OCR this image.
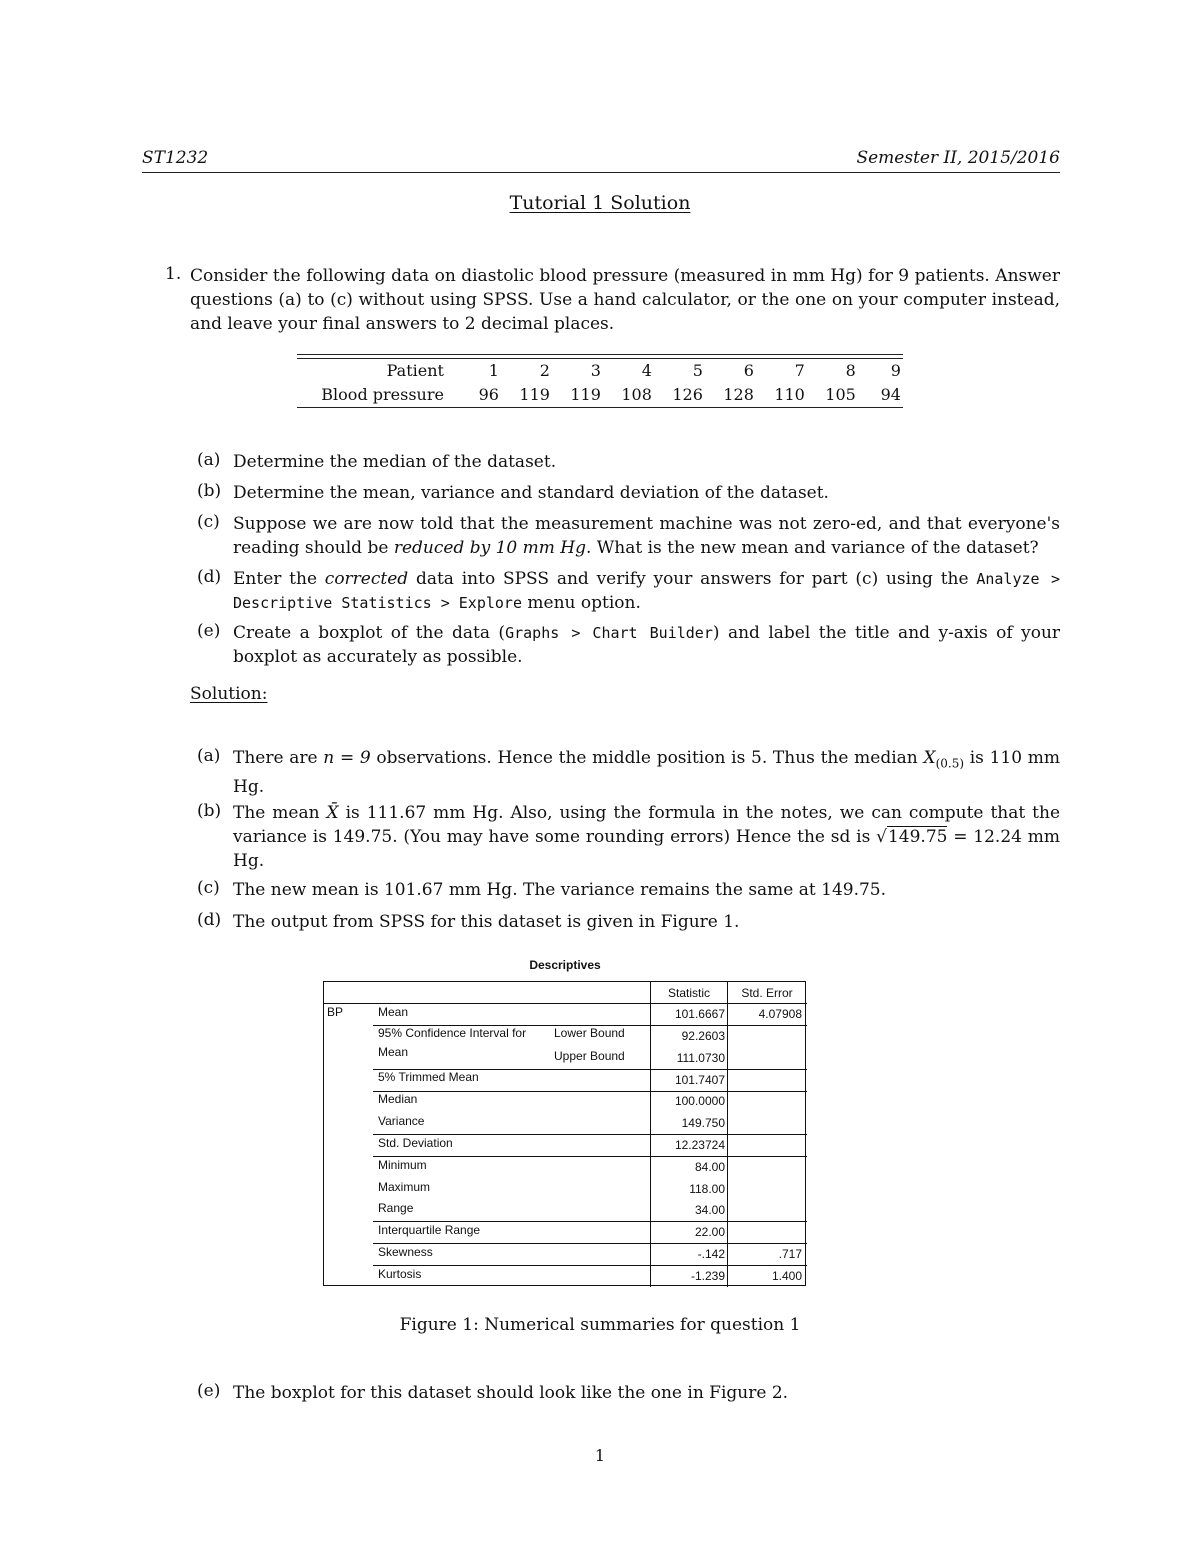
ST1232	Semester II, 2015/2016
Tutorial 1 Solution
1. Consider the following data on diastolic blood pressure (measured in mm Hg) for 9 patients. Answer questions (a) to (c) without using SPSS. Use a hand calculator, or the one on your computer instead, and leave your final answers to 2 decimal places.
Patient	1	2	3	4	5	6	7	8	9
Blood pressure	96	119	119	108	126	128	110	105	94
(a) Determine the median of the dataset.
(b) Determine the mean, variance and standard deviation of the dataset.
(c) Suppose we are now told that the measurement machine was not zero-ed, and that everyone's reading should be reduced by 10 mm Hg. What is the new mean and variance of the dataset?
(d) Enter the corrected data into SPSS and verify your answers for part (c) using the Analyze > Descriptive Statistics > Explore menu option.
(e) Create a boxplot of the data (Graphs > Chart Builder) and label the title and y-axis of your boxplot as accurately as possible.
Solution:
(a) There are n = 9 observations. Hence the middle position is 5. Thus the median $X_{(0.5)}$ is 110 mm Hg.
(b) The mean X̄ is 111.67 mm Hg. Also, using the formula in the notes, we can compute that the variance is 149.75. (You may have some rounding errors) Hence the sd is √149.75 = 12.24 mm Hg.
(c) The new mean is 101.67 mm Hg. The variance remains the same at 149.75.
(d) The output from SPSS for this dataset is given in Figure 1.
Descriptives
Statistic	Std. Error
BP	Mean	101.6667	4.07908
95% Confidence Interval for
Mean
Lower Bound	92.2603
Upper Bound	111.0730
5% Trimmed Mean	101.7407
Median	100.0000
Variance	149.750
Std. Deviation	12.23724
Minimum	84.00
Maximum	118.00
Range	34.00
Interquartile Range	22.00
Skewness	-.142	.717
Kurtosis	-1.239	1.400
Figure 1: Numerical summaries for question 1
(e) The boxplot for this dataset should look like the one in Figure 2.
1
